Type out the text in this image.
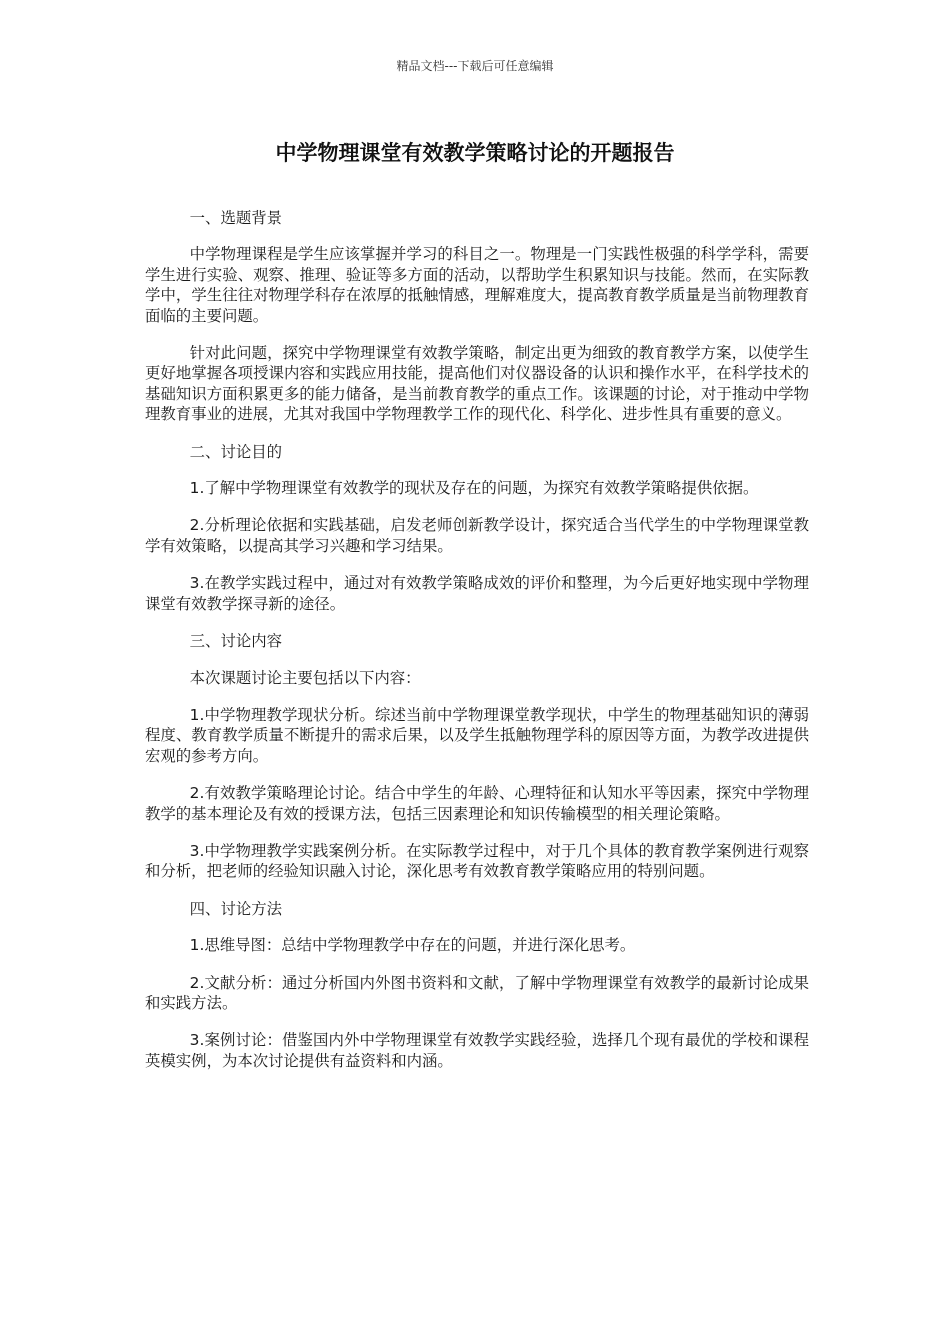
精品文档---下载后可任意编辑
中学物理课堂有效教学策略讨论的开题报告

一、选题背景

中学物理课程是学生应该掌握并学习的科目之一。物理是一门实践性极强的科学学科，需要学生进行实验、观察、推理、验证等多方面的活动，以帮助学生积累知识与技能。然而，在实际教学中，学生往往对物理学科存在浓厚的抵触情感，理解难度大，提高教育教学质量是当前物理教育面临的主要问题。

针对此问题，探究中学物理课堂有效教学策略，制定出更为细致的教育教学方案，以使学生更好地掌握各项授课内容和实践应用技能，提高他们对仪器设备的认识和操作水平，在科学技术的基础知识方面积累更多的能力储备，是当前教育教学的重点工作。该课题的讨论，对于推动中学物理教育事业的进展，尤其对我国中学物理教学工作的现代化、科学化、进步性具有重要的意义。

二、讨论目的

1.了解中学物理课堂有效教学的现状及存在的问题，为探究有效教学策略提供依据。

2.分析理论依据和实践基础，启发老师创新教学设计，探究适合当代学生的中学物理课堂教学有效策略，以提高其学习兴趣和学习结果。

3.在教学实践过程中，通过对有效教学策略成效的评价和整理，为今后更好地实现中学物理课堂有效教学探寻新的途径。

三、讨论内容

本次课题讨论主要包括以下内容：

1.中学物理教学现状分析。综述当前中学物理课堂教学现状，中学生的物理基础知识的薄弱程度、教育教学质量不断提升的需求后果，以及学生抵触物理学科的原因等方面，为教学改进提供宏观的参考方向。

2.有效教学策略理论讨论。结合中学生的年龄、心理特征和认知水平等因素，探究中学物理教学的基本理论及有效的授课方法，包括三因素理论和知识传输模型的相关理论策略。

3.中学物理教学实践案例分析。在实际教学过程中，对于几个具体的教育教学案例进行观察和分析，把老师的经验知识融入讨论，深化思考有效教育教学策略应用的特别问题。

四、讨论方法

1.思维导图：总结中学物理教学中存在的问题，并进行深化思考。

2.文献分析：通过分析国内外图书资料和文献，了解中学物理课堂有效教学的最新讨论成果和实践方法。

3.案例讨论：借鉴国内外中学物理课堂有效教学实践经验，选择几个现有最优的学校和课程英模实例，为本次讨论提供有益资料和内涵。
